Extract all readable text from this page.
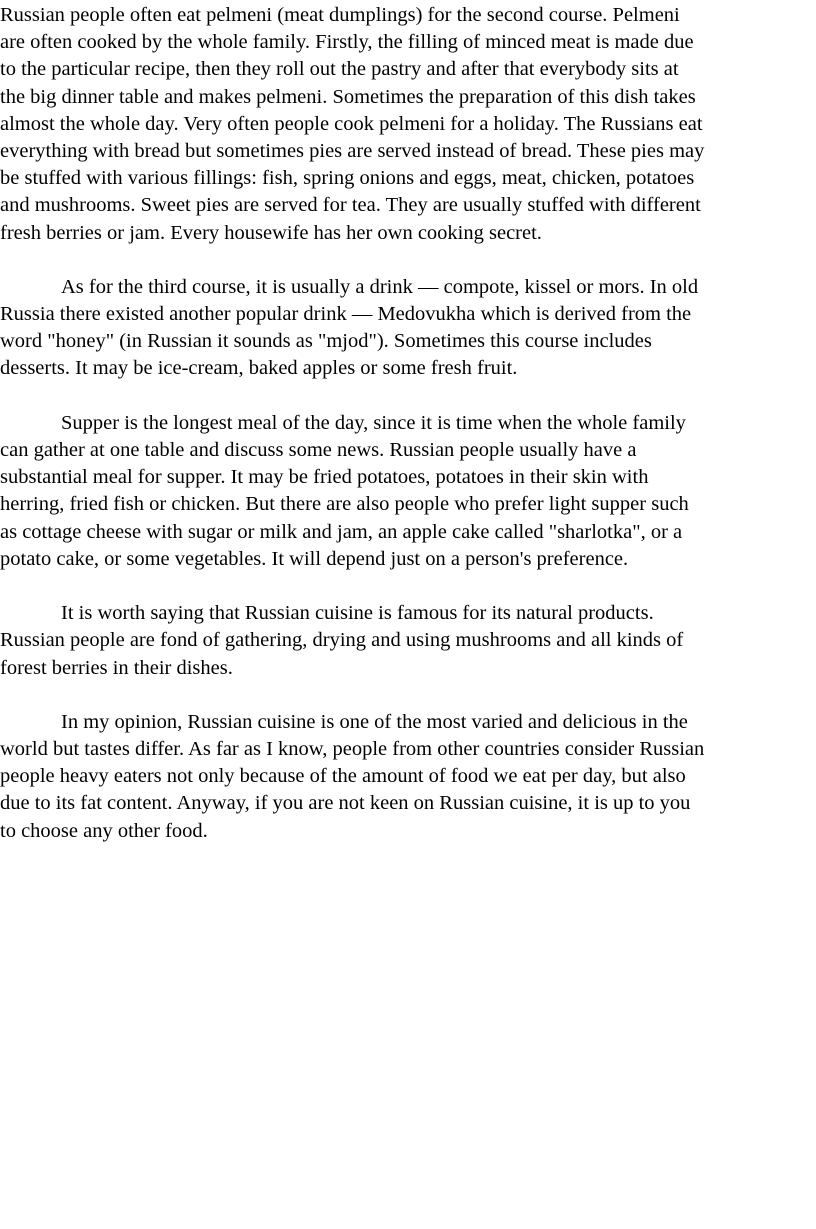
Russian people often eat pelmeni (meat dumplings) for the second course. Pelmeni
are often cooked by the whole family. Firstly, the filling of minced meat is made due
to the particular recipe, then they roll out the pastry and after that everybody sits at
the big dinner table and makes pelmeni. Sometimes the preparation of this dish takes
almost the whole day. Very often people cook pelmeni for a holiday. The Russians eat
everything with bread but sometimes pies are served instead of bread. These pies may
be stuffed with various fillings: fish, spring onions and eggs, meat, chicken, potatoes
and mushrooms. Sweet pies are served for tea. They are usually stuffed with different
fresh berries or jam. Every housewife has her own cooking secret.

As for the third course, it is usually a drink — compote, kissel or mors. In old
Russia there existed another popular drink — Medovukha which is derived from the
word "honey" (in Russian it sounds as "mjod"). Sometimes this course includes
desserts. It may be ice-cream, baked apples or some fresh fruit.

Supper is the longest meal of the day, since it is time when the whole family
can gather at one table and discuss some news. Russian people usually have a
substantial meal for supper. It may be fried potatoes, potatoes in their skin with
herring, fried fish or chicken. But there are also people who prefer light supper such
as cottage cheese with sugar or milk and jam, an apple cake called "sharlotka", or a
potato cake, or some vegetables. It will depend just on a person's preference.

It is worth saying that Russian cuisine is famous for its natural products.
Russian people are fond of gathering, drying and using mushrooms and all kinds of
forest berries in their dishes.

In my opinion, Russian cuisine is one of the most varied and delicious in the
world but tastes differ. As far as I know, people from other countries consider Russian
people heavy eaters not only because of the amount of food we eat per day, but also
due to its fat content. Anyway, if you are not keen on Russian cuisine, it is up to you
to choose any other food.
